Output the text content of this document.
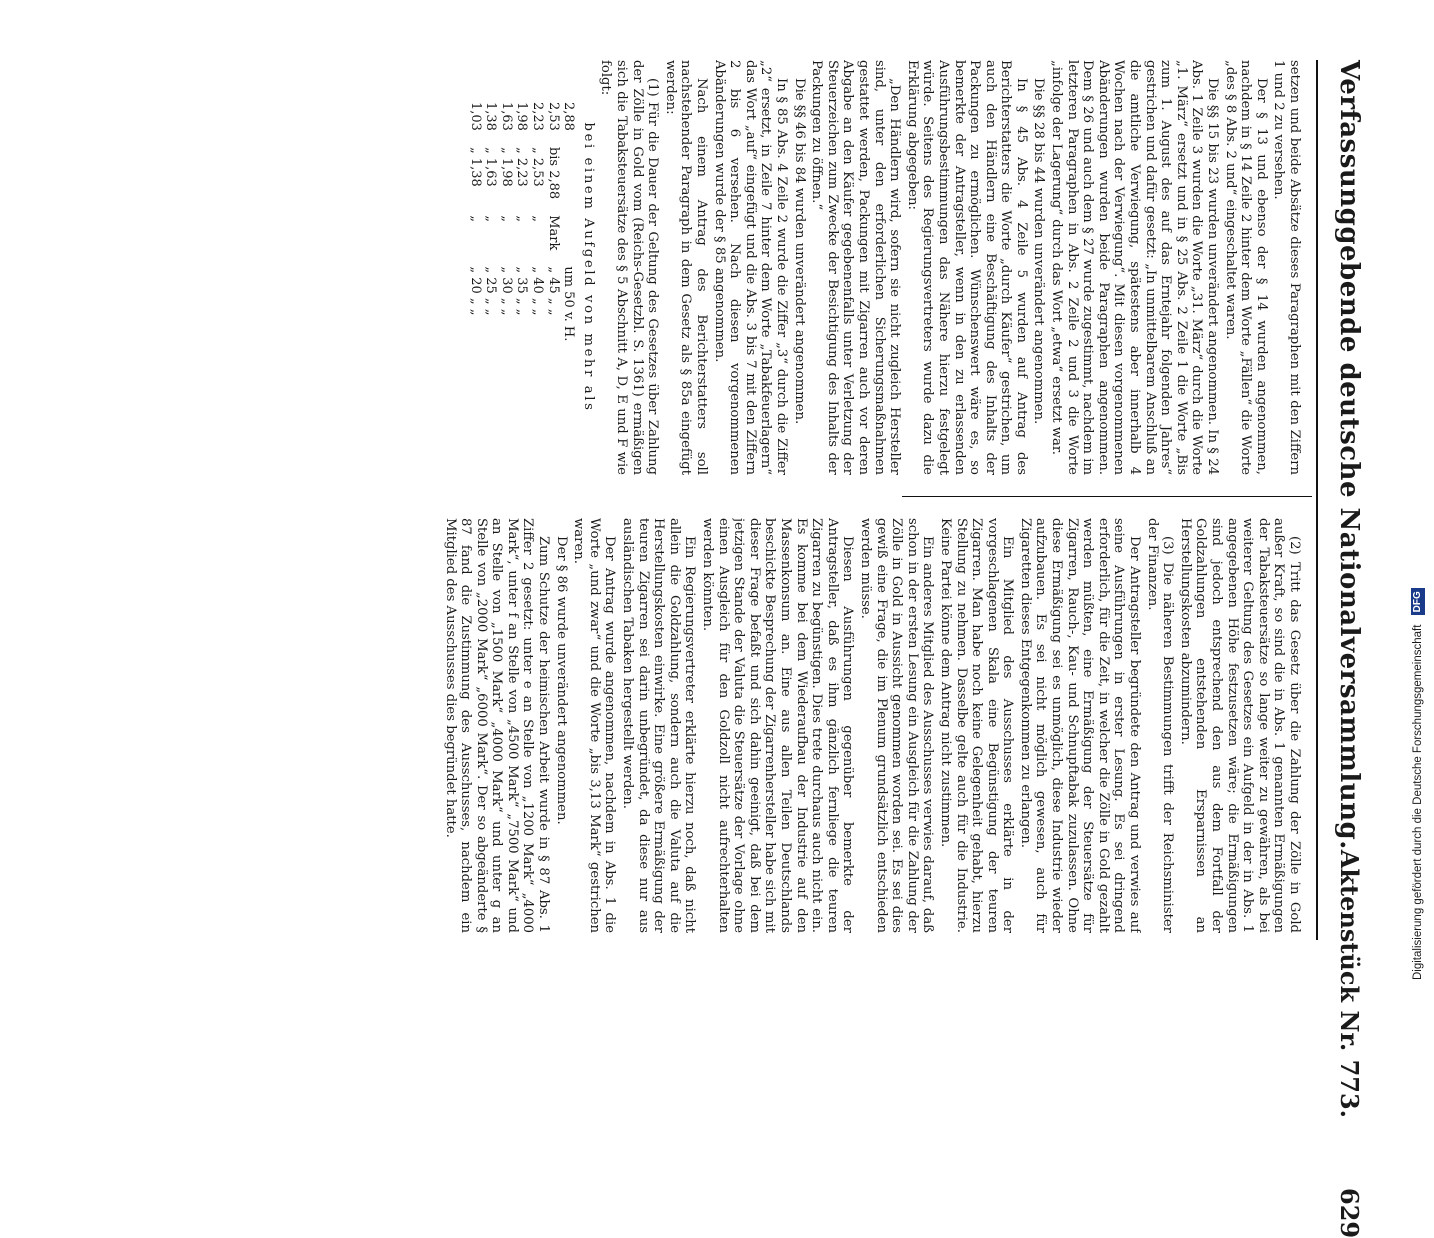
Verfassunggebende deutsche Nationalversammlung.
Aktenstück Nr. 773.
629

setzen und beide Absätze dieses Paragraphen mit den Ziffern 1 und 2 zu versehen.

Der § 13 und ebenso der § 14 wurden angenommen, nachdem in § 14 Zeile 2 hinter dem Worte „Fällen“ die Worte „des § 8 Abs. 2 und“ eingeschaltet waren.

Die §§ 15 bis 23 wurden unverändert angenommen. In § 24 Abs. 1 Zeile 3 wurden die Worte „31. März“ durch die Worte „1. März“ ersetzt und in § 25 Abs. 2 Zeile 1 die Worte „Bis zum 1. August des auf das Erntejahr folgenden Jahres“ gestrichen und dafür gesetzt: „In unmittelbarem Anschluß an die amtliche Verwiegung, spätestens aber innerhalb 4 Wochen nach der Verwiegung“. Mit diesen vorgenommenen Abänderungen wurden beide Paragraphen angenommen. Dem § 26 und auch dem § 27 wurde zugestimmt, nachdem im letzteren Paragraphen in Abs. 2 Zeile 2 und 3 die Worte „infolge der Lagerung“ durch das Wort „etwa“ ersetzt war.

Die §§ 28 bis 44 wurden unverändert angenommen.

In § 45 Abs. 4 Zeile 5 wurden auf Antrag des Berichterstatters die Worte „durch Käufer“ gestrichen, um auch den Händlern eine Beschäftigung des Inhalts der Packungen zu ermöglichen. Wünschenswert wäre es, so bemerkte der Antragsteller, wenn in den zu erlassenden Ausführungsbestimmungen das Nähere hierzu festgelegt würde. Seitens des Regierungsvertreters wurde dazu die Erklärung abgegeben:

„Den Händlern wird, sofern sie nicht zugleich Hersteller sind, unter den erforderlichen Sicherungsmaßnahmen gestattet werden, Packungen mit Zigarren auch vor deren Abgabe an den Käufer gegebenenfalls unter Verletzung der Steuerzeichen zum Zwecke der Besichtigung des Inhalts der Packungen zu öffnen.“

Die §§ 46 bis 84 wurden unverändert angenommen.

In § 85 Abs. 4 Zeile 2 wurde die Ziffer „3“ durch die Ziffer „2“ ersetzt, in Zeile 7 hinter dem Worte „Tabakfeuerlagern“ das Wort „auf“ eingefügt und die Abs. 3 bis 7 mit den Ziffern 2 bis 6 versehen. Nach diesen vorgenommenen Abänderungen wurde der § 85 angenommen.

Nach einem Antrag des Berichterstatters soll nachstehender Paragraph in dem Gesetz als § 85a eingefügt werden:

(1) Für die Dauer der Geltung des Gesetzes über Zahlung der Zölle in Gold vom (Reichs-Gesetzbl. S. 1361) ermäßigen sich die Tabaksteuersätze des § 5 Abschnitt A, D, E und F wie folgt:

bei einem Aufgeld von mehr als

2,88			um 50 v. H.
2,53	bis 2,88	Mark	„ 45 „ „
2,23	„ 2,53	„	„ 40 „ „
1,98	„ 2,23	„	„ 35 „ „
1,63	„ 1,98	„	„ 30 „ „
1,38	„ 1,63	„	„ 25 „ „
1,03	„ 1,38	„	„ 20 „ „

(2) Tritt das Gesetz über die Zahlung der Zölle in Gold außer Kraft, so sind die in Abs. 1 genannten Ermäßigungen der Tabaksteuersätze so lange weiter zu gewähren, als bei weiterer Geltung des Gesetzes ein Aufgeld in der in Abs. 1 angegebenen Höhe festzusetzen wäre; die Ermäßigungen sind jedoch entsprechend den aus dem Fortfall der Goldzahlungen entstehenden Ersparnissen an Herstellungskosten abzumindern.

(3) Die näheren Bestimmungen trifft der Reichsminister der Finanzen.

Der Antragsteller begründete den Antrag und verwies auf seine Ausführungen in erster Lesung. Es sei dringend erforderlich, für die Zeit, in welcher die Zölle in Gold gezahlt werden müßten, eine Ermäßigung der Steuersätze für Zigarren, Rauch-, Kau- und Schnupftabak zuzulassen. Ohne diese Ermäßigung sei es unmöglich, diese Industrie wieder aufzubauen. Es sei nicht möglich gewesen, auch für Zigaretten dieses Entgegenkommen zu erlangen.

Ein Mitglied des Ausschusses erklärte in der vorgeschlagenen Skala eine Begünstigung der teuren Zigarren. Man habe noch keine Gelegenheit gehabt, hierzu Stellung zu nehmen. Dasselbe gelte auch für die Industrie. Keine Partei könne dem Antrag nicht zustimmen.

Ein anderes Mitglied des Ausschusses verwies darauf, daß schon in der ersten Lesung ein Ausgleich für die Zahlung der Zölle in Gold in Aussicht genommen worden sei. Es sei dies gewiß eine Frage, die im Plenum grundsätzlich entschieden werden müsse.

Diesen Ausführungen gegenüber bemerkte der Antragsteller, daß es ihm gänzlich fernliege die teuren Zigarren zu begünstigen. Dies trete durchaus auch nicht ein. Es komme bei dem Wiederaufbau der Industrie auf den Massenkonsum an. Eine aus allen Teilen Deutschlands beschickte Besprechung der Zigarrenhersteller habe sich mit dieser Frage befaßt und sich dahin geeinigt, daß bei dem jetzigen Stande der Valuta die Steuersätze der Vorlage ohne einen Ausgleich für den Goldzoll nicht aufrechterhalten werden könnten.

Ein Regierungsvertreter erklärte hierzu noch, daß nicht allein die Goldzahlung, sondern auch die Valuta auf die Herstellungskosten einwirke. Eine größere Ermäßigung der teuren Zigarren sei darin unbegründet, da diese nur aus ausländischen Tabaken hergestellt werden.

Der Antrag wurde angenommen, nachdem in Abs. 1 die Worte „und zwar“ und die Worte „bis 3,13 Mark“ gestrichen waren.

Der § 86 wurde unverändert angenommen.

Zum Schutze der heimischen Arbeit wurde in § 87 Abs. 1 Ziffer 2 gesetzt: unter e an Stelle von „1200 Mark“ „4000 Mark“, unter f an Stelle von „4500 Mark“ „7500 Mark“ und an Stelle von „1500 Mark“ „4000 Mark“ und unter g an Stelle von „2000 Mark“ „6000 Mark“. Der so abgeänderte § 87 fand die Zustimmung des Ausschusses, nachdem ein Mitglied des Ausschusses dies begründet hatte.	Digitalisierung gefördert durch die Deutsche Forschungsgemeinschaft DFG
